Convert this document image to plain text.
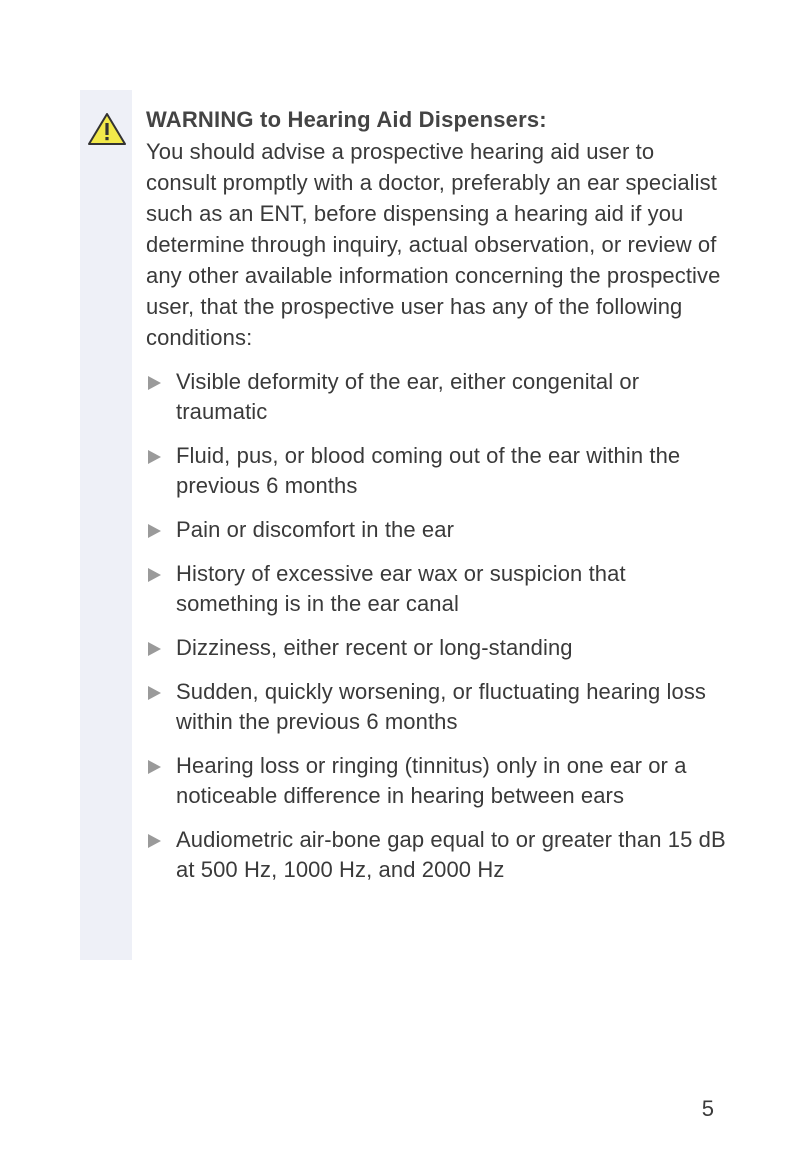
WARNING to Hearing Aid Dispensers:

You should advise a prospective hearing aid user to consult promptly with a doctor, preferably an ear specialist such as an ENT, before dispensing a hearing aid if you determine through inquiry, actual observation, or review of any other available information concerning the prospective user, that the prospective user has any of the following conditions:

Visible deformity of the ear, either congenital or traumatic
Fluid, pus, or blood coming out of the ear within the previous 6 months
Pain or discomfort in the ear
History of excessive ear wax or suspicion that something is in the ear canal
Dizziness, either recent or long-standing
Sudden, quickly worsening, or fluctuating hearing loss within the previous 6 months
Hearing loss or ringing (tinnitus) only in one ear or a noticeable difference in hearing between ears
Audiometric air-bone gap equal to or greater than 15 dB at 500 Hz, 1000 Hz, and 2000 Hz
5
